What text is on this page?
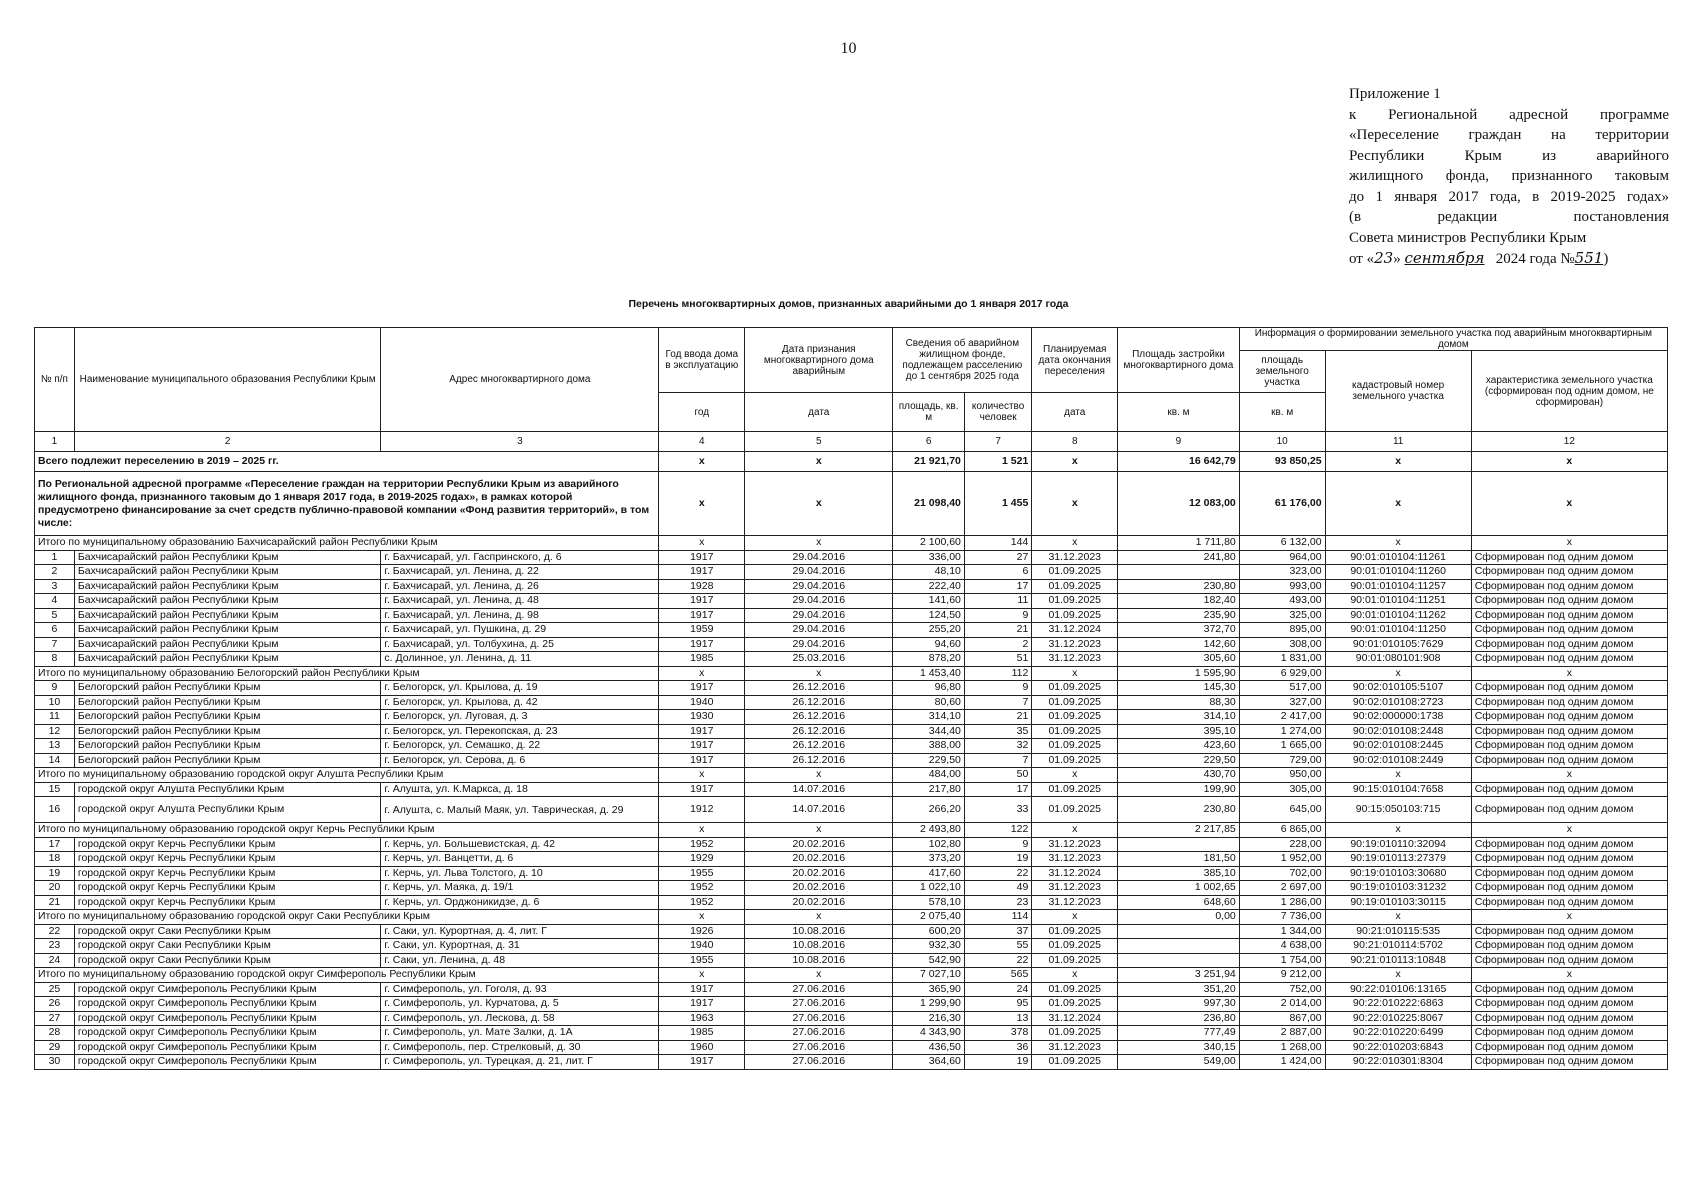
10
Приложение 1
к Региональной адресной программе
«Переселение граждан на территории
Республики Крым из аварийного
жилищного фонда, признанного таковым
до 1 января 2017 года, в 2019-2025 годах»
(в редакции постановления
Совета министров Республики Крым
от «23» сентября 2024 года №551)
Перечень многоквартирных домов, признанных аварийными до 1 января 2017 года
№ п/п	Наименование муниципального образования Республики Крым	Адрес многоквартирного дома	Год ввода дома в эксплуатацию	Дата признания многоквартирного дома аварийным	Сведения об аварийном жилищном фонде, подлежащем расселению до 1 сентября 2025 года		Планируемая дата окончания переселения	Площадь застройки многоквартирного дома	Информация о формировании земельного участка под аварийным многоквартирным домом		
									площадь земельного участка	кадастровый номер земельного участка	характеристика земельного участка (сформирован под одним домом, не сформирован)
			год	дата	площадь, кв. м	количество человек	дата	кв. м	кв. м		
1	2	3	4	5	6	7	8	9	10	11	12
Всего подлежит переселению в 2019 – 2025 гг.			x	x	21 921,70	1 521	x	16 642,79	93 850,25	x	x
По Региональной адресной программе «Переселение граждан на территории Республики Крым из аварийного жилищного фонда, признанного таковым до 1 января 2017 года, в 2019-2025 годах», в рамках которой предусмотрено финансирование за счет средств публично-правовой компании «Фонд развития территорий», в том числе:			x	x	21 098,40	1 455	x	12 083,00	61 176,00	x	x
Итого по муниципальному образованию Бахчисарайский район Республики Крым			x	x	2 100,60	144	x	1 711,80	6 132,00	x	x
1	Бахчисарайский район Республики Крым	г. Бахчисарай, ул. Гаспринского, д. 6	1917	29.04.2016	336,00	27	31.12.2023	241,80	964,00	90:01:010104:11261	Сформирован под одним домом
2	Бахчисарайский район Республики Крым	г. Бахчисарай, ул. Ленина, д. 22	1917	29.04.2016	48,10	6	01.09.2025		323,00	90:01:010104:11260	Сформирован под одним домом
3	Бахчисарайский район Республики Крым	г. Бахчисарай, ул. Ленина, д. 26	1928	29.04.2016	222,40	17	01.09.2025	230,80	993,00	90:01:010104:11257	Сформирован под одним домом
4	Бахчисарайский район Республики Крым	г. Бахчисарай, ул. Ленина, д. 48	1917	29.04.2016	141,60	11	01.09.2025	182,40	493,00	90:01:010104:11251	Сформирован под одним домом
5	Бахчисарайский район Республики Крым	г. Бахчисарай, ул. Ленина, д. 98	1917	29.04.2016	124,50	9	01.09.2025	235,90	325,00	90:01:010104:11262	Сформирован под одним домом
6	Бахчисарайский район Республики Крым	г. Бахчисарай, ул. Пушкина, д. 29	1959	29.04.2016	255,20	21	31.12.2024	372,70	895,00	90:01:010104:11250	Сформирован под одним домом
7	Бахчисарайский район Республики Крым	г. Бахчисарай, ул. Толбухина, д. 25	1917	29.04.2016	94,60	2	31.12.2023	142,60	308,00	90:01:010105:7629	Сформирован под одним домом
8	Бахчисарайский район Республики Крым	с. Долинное, ул. Ленина, д. 11	1985	25.03.2016	878,20	51	31.12.2023	305,60	1 831,00	90:01:080101:908	Сформирован под одним домом
Итого по муниципальному образованию Белогорский район Республики Крым			x	x	1 453,40	112	x	1 595,90	6 929,00	x	x
9	Белогорский район Республики Крым	г. Белогорск, ул. Крылова, д. 19	1917	26.12.2016	96,80	9	01.09.2025	145,30	517,00	90:02:010105:5107	Сформирован под одним домом
10	Белогорский район Республики Крым	г. Белогорск, ул. Крылова, д. 42	1940	26.12.2016	80,60	7	01.09.2025	88,30	327,00	90:02:010108:2723	Сформирован под одним домом
11	Белогорский район Республики Крым	г. Белогорск, ул. Луговая, д. 3	1930	26.12.2016	314,10	21	01.09.2025	314,10	2 417,00	90:02:000000:1738	Сформирован под одним домом
12	Белогорский район Республики Крым	г. Белогорск, ул. Перекопская, д. 23	1917	26.12.2016	344,40	35	01.09.2025	395,10	1 274,00	90:02:010108:2448	Сформирован под одним домом
13	Белогорский район Республики Крым	г. Белогорск, ул. Семашко, д. 22	1917	26.12.2016	388,00	32	01.09.2025	423,60	1 665,00	90:02:010108:2445	Сформирован под одним домом
14	Белогорский район Республики Крым	г. Белогорск, ул. Серова, д. 6	1917	26.12.2016	229,50	7	01.09.2025	229,50	729,00	90:02:010108:2449	Сформирован под одним домом
Итого по муниципальному образованию городской округ Алушта Республики Крым			x	x	484,00	50	x	430,70	950,00	x	x
15	городской округ Алушта Республики Крым	г. Алушта, ул. К.Маркса, д. 18	1917	14.07.2016	217,80	17	01.09.2025	199,90	305,00	90:15:010104:7658	Сформирован под одним домом
16	городской округ Алушта Республики Крым	г. Алушта, с. Малый Маяк, ул. Таврическая, д. 29	1912	14.07.2016	266,20	33	01.09.2025	230,80	645,00	90:15:050103:715	Сформирован под одним домом
Итого по муниципальному образованию городской округ Керчь Республики Крым			x	x	2 493,80	122	x	2 217,85	6 865,00	x	x
17	городской округ Керчь Республики Крым	г. Керчь, ул. Большевистская, д. 42	1952	20.02.2016	102,80	9	31.12.2023		228,00	90:19:010110:32094	Сформирован под одним домом
18	городской округ Керчь Республики Крым	г. Керчь, ул. Ванцетти, д. 6	1929	20.02.2016	373,20	19	31.12.2023	181,50	1 952,00	90:19:010113:27379	Сформирован под одним домом
19	городской округ Керчь Республики Крым	г. Керчь, ул. Льва Толстого, д. 10	1955	20.02.2016	417,60	22	31.12.2024	385,10	702,00	90:19:010103:30680	Сформирован под одним домом
20	городской округ Керчь Республики Крым	г. Керчь, ул. Маяка, д. 19/1	1952	20.02.2016	1 022,10	49	31.12.2023	1 002,65	2 697,00	90:19:010103:31232	Сформирован под одним домом
21	городской округ Керчь Республики Крым	г. Керчь, ул. Орджоникидзе, д. 6	1952	20.02.2016	578,10	23	31.12.2023	648,60	1 286,00	90:19:010103:30115	Сформирован под одним домом
Итого по муниципальному образованию городской округ Саки Республики Крым			x	x	2 075,40	114	x	0,00	7 736,00	x	x
22	городской округ Саки Республики Крым	г. Саки, ул. Курортная, д. 4, лит. Г	1926	10.08.2016	600,20	37	01.09.2025		1 344,00	90:21:010115:535	Сформирован под одним домом
23	городской округ Саки Республики Крым	г. Саки, ул. Курортная, д. 31	1940	10.08.2016	932,30	55	01.09.2025		4 638,00	90:21:010114:5702	Сформирован под одним домом
24	городской округ Саки Республики Крым	г. Саки, ул. Ленина, д. 48	1955	10.08.2016	542,90	22	01.09.2025		1 754,00	90:21:010113:10848	Сформирован под одним домом
Итого по муниципальному образованию городской округ Симферополь Республики Крым			x	x	7 027,10	565	x	3 251,94	9 212,00	x	x
25	городской округ Симферополь Республики Крым	г. Симферополь, ул. Гоголя, д. 93	1917	27.06.2016	365,90	24	01.09.2025	351,20	752,00	90:22:010106:13165	Сформирован под одним домом
26	городской округ Симферополь Республики Крым	г. Симферополь, ул. Курчатова, д. 5	1917	27.06.2016	1 299,90	95	01.09.2025	997,30	2 014,00	90:22:010222:6863	Сформирован под одним домом
27	городской округ Симферополь Республики Крым	г. Симферополь, ул. Лескова, д. 58	1963	27.06.2016	216,30	13	31.12.2024	236,80	867,00	90:22:010225:8067	Сформирован под одним домом
28	городской округ Симферополь Республики Крым	г. Симферополь, ул. Мате Залки, д. 1А	1985	27.06.2016	4 343,90	378	01.09.2025	777,49	2 887,00	90:22:010220:6499	Сформирован под одним домом
29	городской округ Симферополь Республики Крым	г. Симферополь, пер. Стрелковый, д. 30	1960	27.06.2016	436,50	36	31.12.2023	340,15	1 268,00	90:22:010203:6843	Сформирован под одним домом
30	городской округ Симферополь Республики Крым	г. Симферополь, ул. Турецкая, д. 21, лит. Г	1917	27.06.2016	364,60	19	01.09.2025	549,00	1 424,00	90:22:010301:8304	Сформирован под одним домом
